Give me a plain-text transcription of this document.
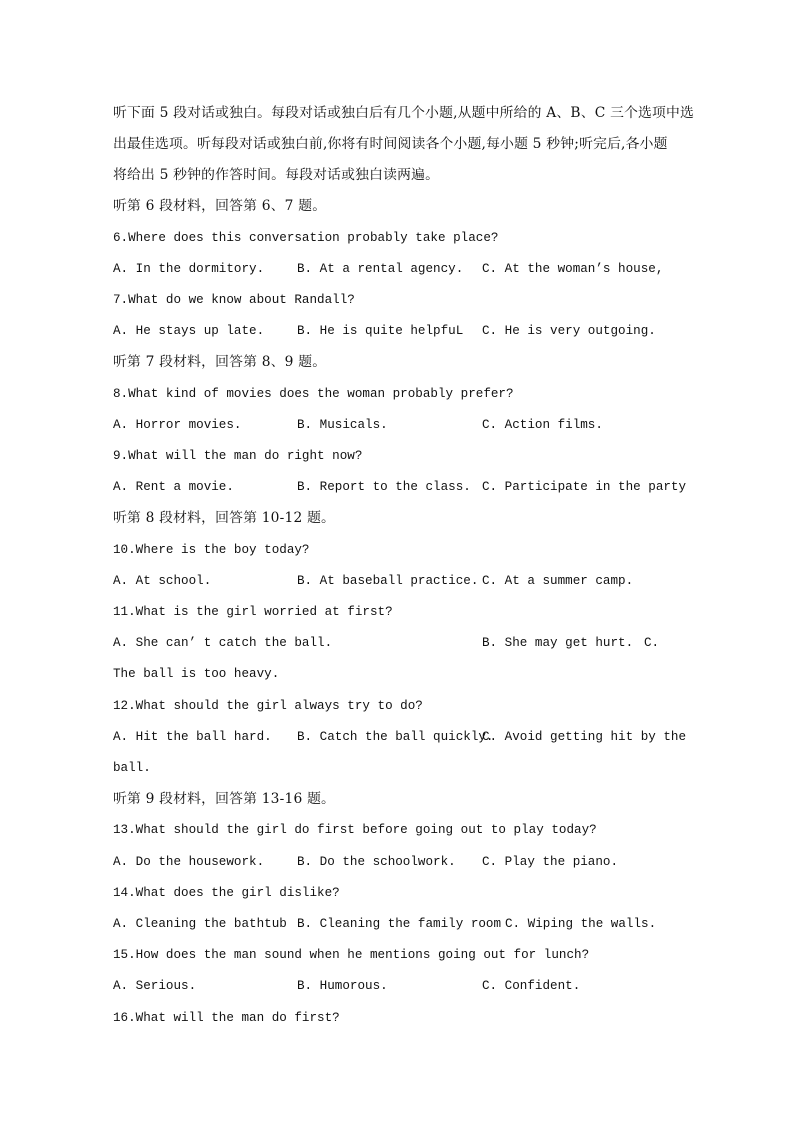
听下面 5 段对话或独白。每段对话或独白后有几个小题,从题中所给的 A、B、C 三个选项中选
出最佳选项。听每段对话或独白前,你将有时间阅读各个小题,每小题 5 秒钟;听完后,各小题
将给出 5 秒钟的作答时间。每段对话或独白读两遍。
听第 6 段材料，回答第 6、7 题。
6.Where does this conversation probably take place?
A. In the dormitory.	B. At a rental agency. C. At the woman’s house,
7.What do we know about Randall?
A. He stays up late.	B. He is quite helpfuL C. He is very outgoing.
听第 7 段材料，回答第 8、9 题。
8.What kind of movies does the woman probably prefer?
A. Horror movies.	B. Musicals.	C. Action films.
9.What will the man do right now?
A. Rent a movie.	B. Report to the class. C. Participate in the party
听第 8 段材料，回答第 10-12 题。
10.Where is the boy today?
A. At school.	B. At baseball practice. C. At a summer camp.
11.What is the girl worried at first?
A. She can’ t catch the ball.	B. She may get hurt. C.
The ball is too heavy.
12.What should the girl always try to do?
A. Hit the ball hard. B. Catch the ball quickly.
C. Avoid getting hit by the
ball.
听第 9 段材料，回答第 13-16 题。
13.What should the girl do first before going out to play today?
A. Do the housework.	B. Do the schoolwork. C. Play the piano.
14.What does the girl dislike?
A. Cleaning the bathtub B. Cleaning the family room C. Wiping the walls.
15.How does the man sound when he mentions going out for lunch?
A. Serious.	B. Humorous.	C. Confident.
16.What will the man do first?
